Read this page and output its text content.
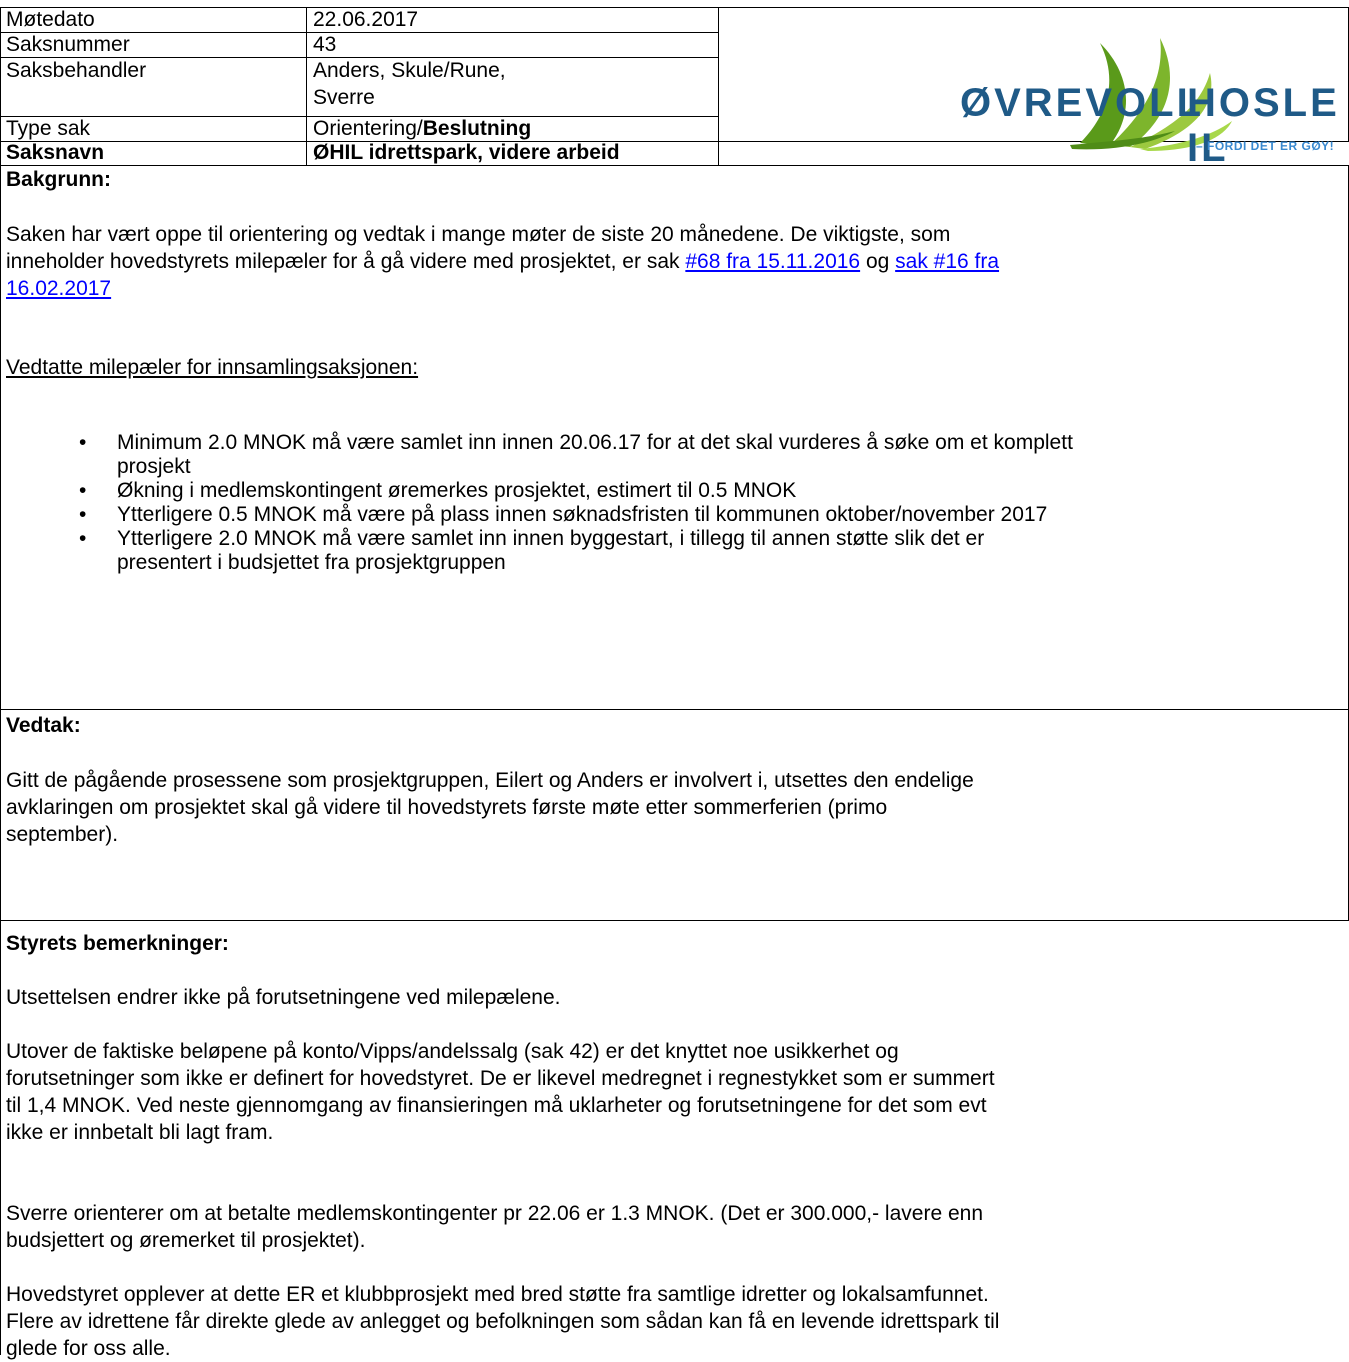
Møtedato	22.06.2017
Saksnummer	43
Saksbehandler	Anders, Skule/Rune,
Sverre
Type sak	Orientering/Beslutning
Saksnavn	ØHIL idrettspark, videre arbeid
ØVREVOLL
HOSLE IL
– FORDI DET ER GØY!
Bakgrunn:
Saken har vært oppe til orientering og vedtak i mange møter de siste 20 månedene. De viktigste, som
inneholder hovedstyrets milepæler for å gå videre med prosjektet, er sak #68 fra 15.11.2016 og sak #16 fra
16.02.2017
Vedtatte milepæler for innsamlingsaksjonen:
• Minimum 2.0 MNOK må være samlet inn innen 20.06.17 for at det skal vurderes å søke om et komplett
prosjekt
• Økning i medlemskontingent øremerkes prosjektet, estimert til 0.5 MNOK
• Ytterligere 0.5 MNOK må være på plass innen søknadsfristen til kommunen oktober/november 2017
• Ytterligere 2.0 MNOK må være samlet inn innen byggestart, i tillegg til annen støtte slik det er
presentert i budsjettet fra prosjektgruppen
Vedtak:
Gitt de pågående prosessene som prosjektgruppen, Eilert og Anders er involvert i, utsettes den endelige
avklaringen om prosjektet skal gå videre til hovedstyrets første møte etter sommerferien (primo
september).
Styrets bemerkninger:
Utsettelsen endrer ikke på forutsetningene ved milepælene.
Utover de faktiske beløpene på konto/Vipps/andelssalg (sak 42) er det knyttet noe usikkerhet og
forutsetninger som ikke er definert for hovedstyret. De er likevel medregnet i regnestykket som er summert
til 1,4 MNOK. Ved neste gjennomgang av finansieringen må uklarheter og forutsetningene for det som evt
ikke er innbetalt bli lagt fram.
Sverre orienterer om at betalte medlemskontingenter pr 22.06 er 1.3 MNOK. (Det er 300.000,- lavere enn
budsjettert og øremerket til prosjektet).
Hovedstyret opplever at dette ER et klubbprosjekt med bred støtte fra samtlige idretter og lokalsamfunnet.
Flere av idrettene får direkte glede av anlegget og befolkningen som sådan kan få en levende idrettspark til
glede for oss alle.
